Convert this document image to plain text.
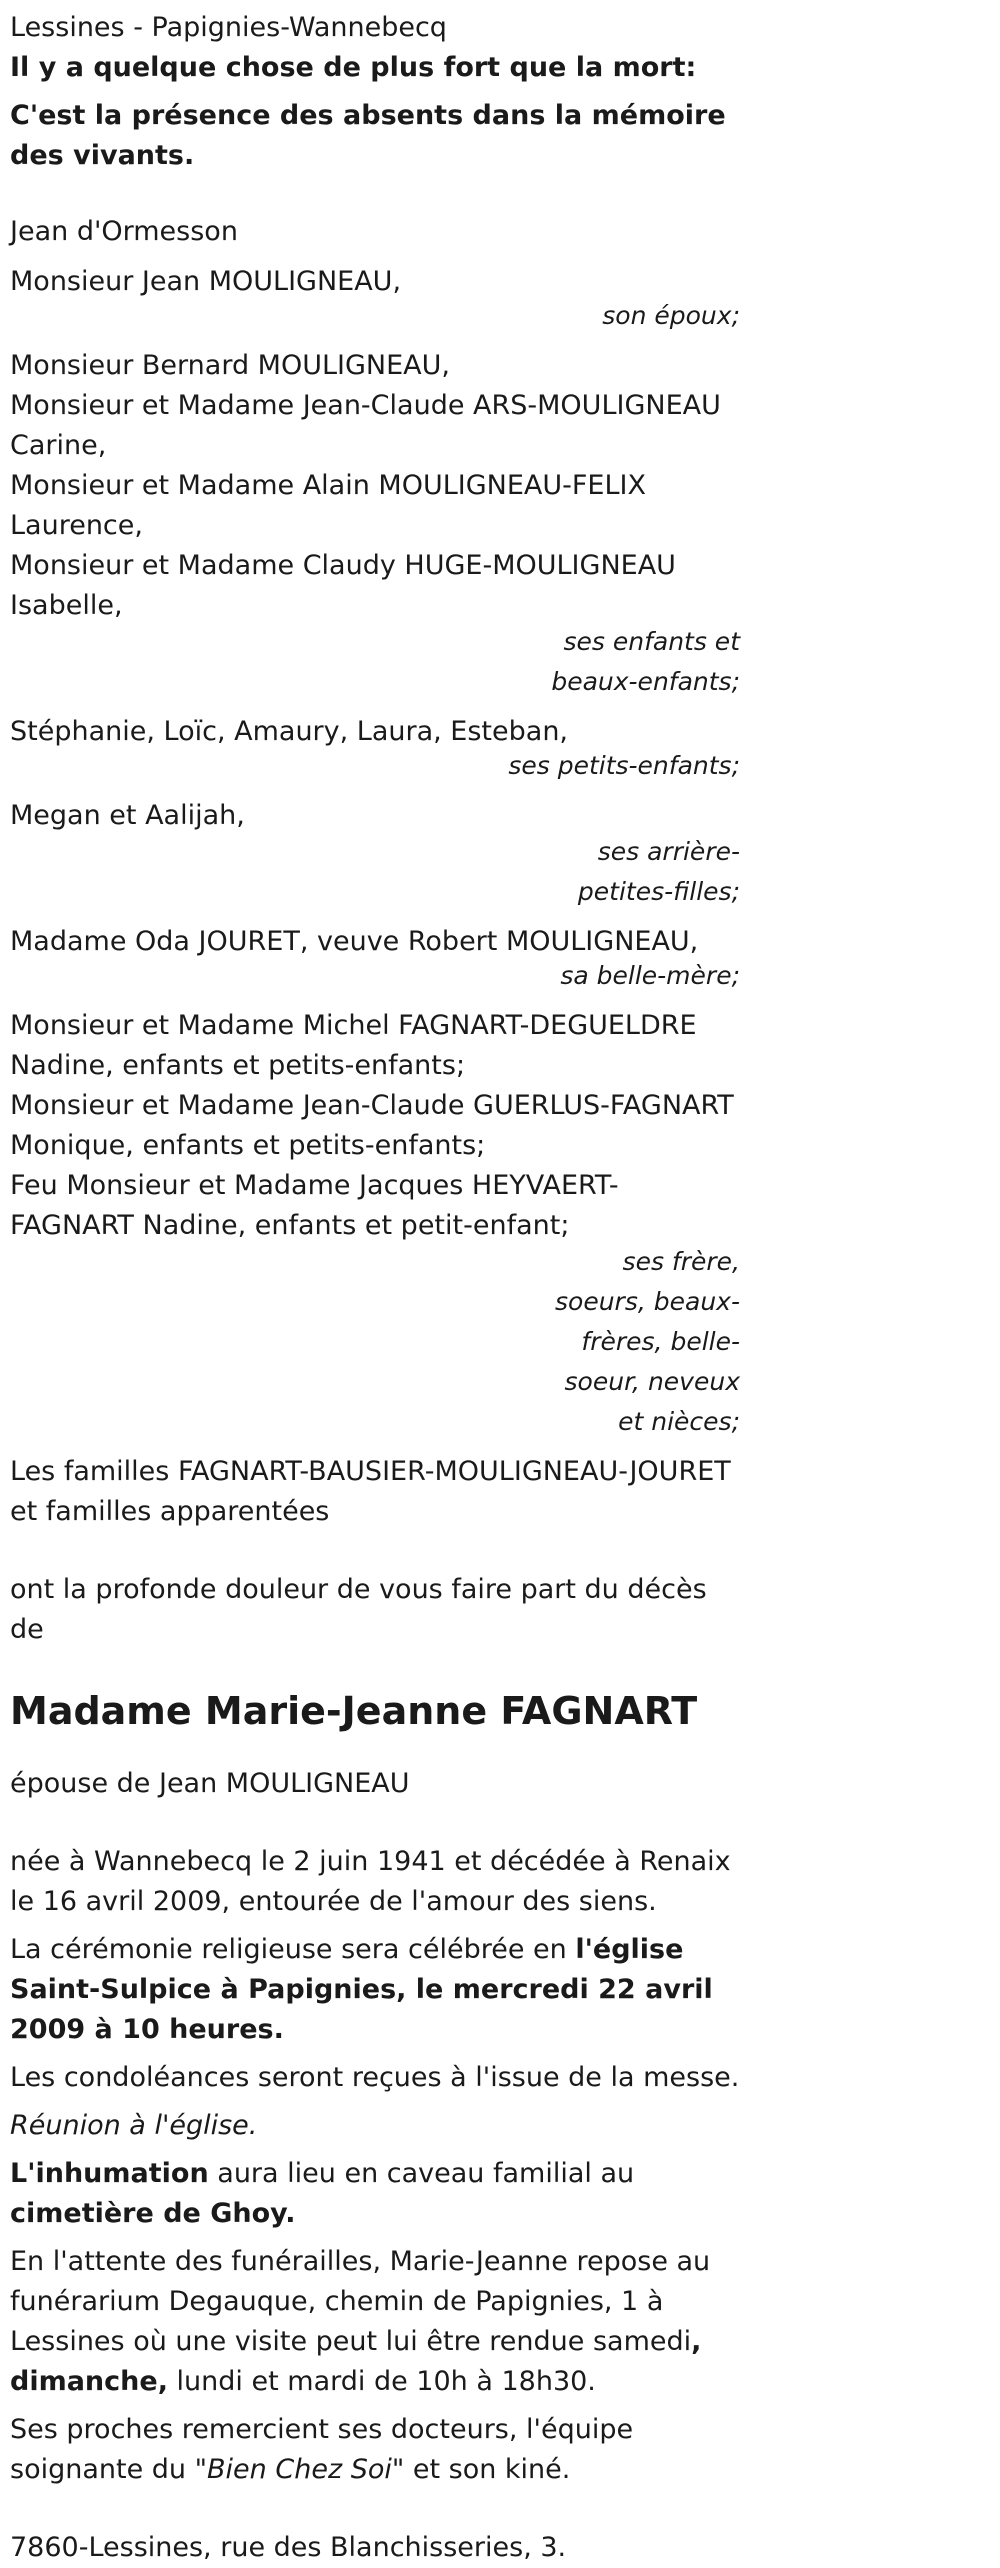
Lessines - Papignies-Wannebecq

Il y a quelque chose de plus fort que la mort:

C'est la présence des absents dans la mémoire des vivants.

Jean d'Ormesson

Monsieur Jean MOULIGNEAU,

son époux;

Monsieur Bernard MOULIGNEAU,

Monsieur et Madame Jean-Claude ARS-MOULIGNEAU Carine,

Monsieur et Madame Alain MOULIGNEAU-FELIX Laurence,

Monsieur et Madame Claudy HUGE-MOULIGNEAU Isabelle,

ses enfants et beaux-enfants;

Stéphanie, Loïc, Amaury, Laura, Esteban,

ses petits-enfants;

Megan et Aalijah,

ses arrière-petites-filles;

Madame Oda JOURET, veuve Robert MOULIGNEAU,

sa belle-mère;

Monsieur et Madame Michel FAGNART-DEGUELDRE Nadine, enfants et petits-enfants;

Monsieur et Madame Jean-Claude GUERLUS-FAGNART Monique, enfants et petits-enfants;

Feu Monsieur et Madame Jacques HEYVAERT-FAGNART Nadine, enfants et petit-enfant;

ses frère, soeurs, beaux-frères, belle-soeur, neveux et nièces;

Les familles FAGNART-BAUSIER-MOULIGNEAU-JOURET et familles apparentées

ont la profonde douleur de vous faire part du décès de

Madame Marie-Jeanne FAGNART

épouse de Jean MOULIGNEAU

née à Wannebecq le 2 juin 1941 et décédée à Renaix le 16 avril 2009, entourée de l'amour des siens.

La cérémonie religieuse sera célébrée en l'église Saint-Sulpice à Papignies, le mercredi 22 avril 2009 à 10 heures.

Les condoléances seront reçues à l'issue de la messe.

Réunion à l'église.

L'inhumation aura lieu en caveau familial au cimetière de Ghoy.

En l'attente des funérailles, Marie-Jeanne repose au funérarium Degauque, chemin de Papignies, 1 à Lessines où une visite peut lui être rendue samedi, dimanche, lundi et mardi de 10h à 18h30.

Ses proches remercient ses docteurs, l'équipe soignante du "Bien Chez Soi" et son kiné.

7860-Lessines, rue des Blanchisseries, 3.
